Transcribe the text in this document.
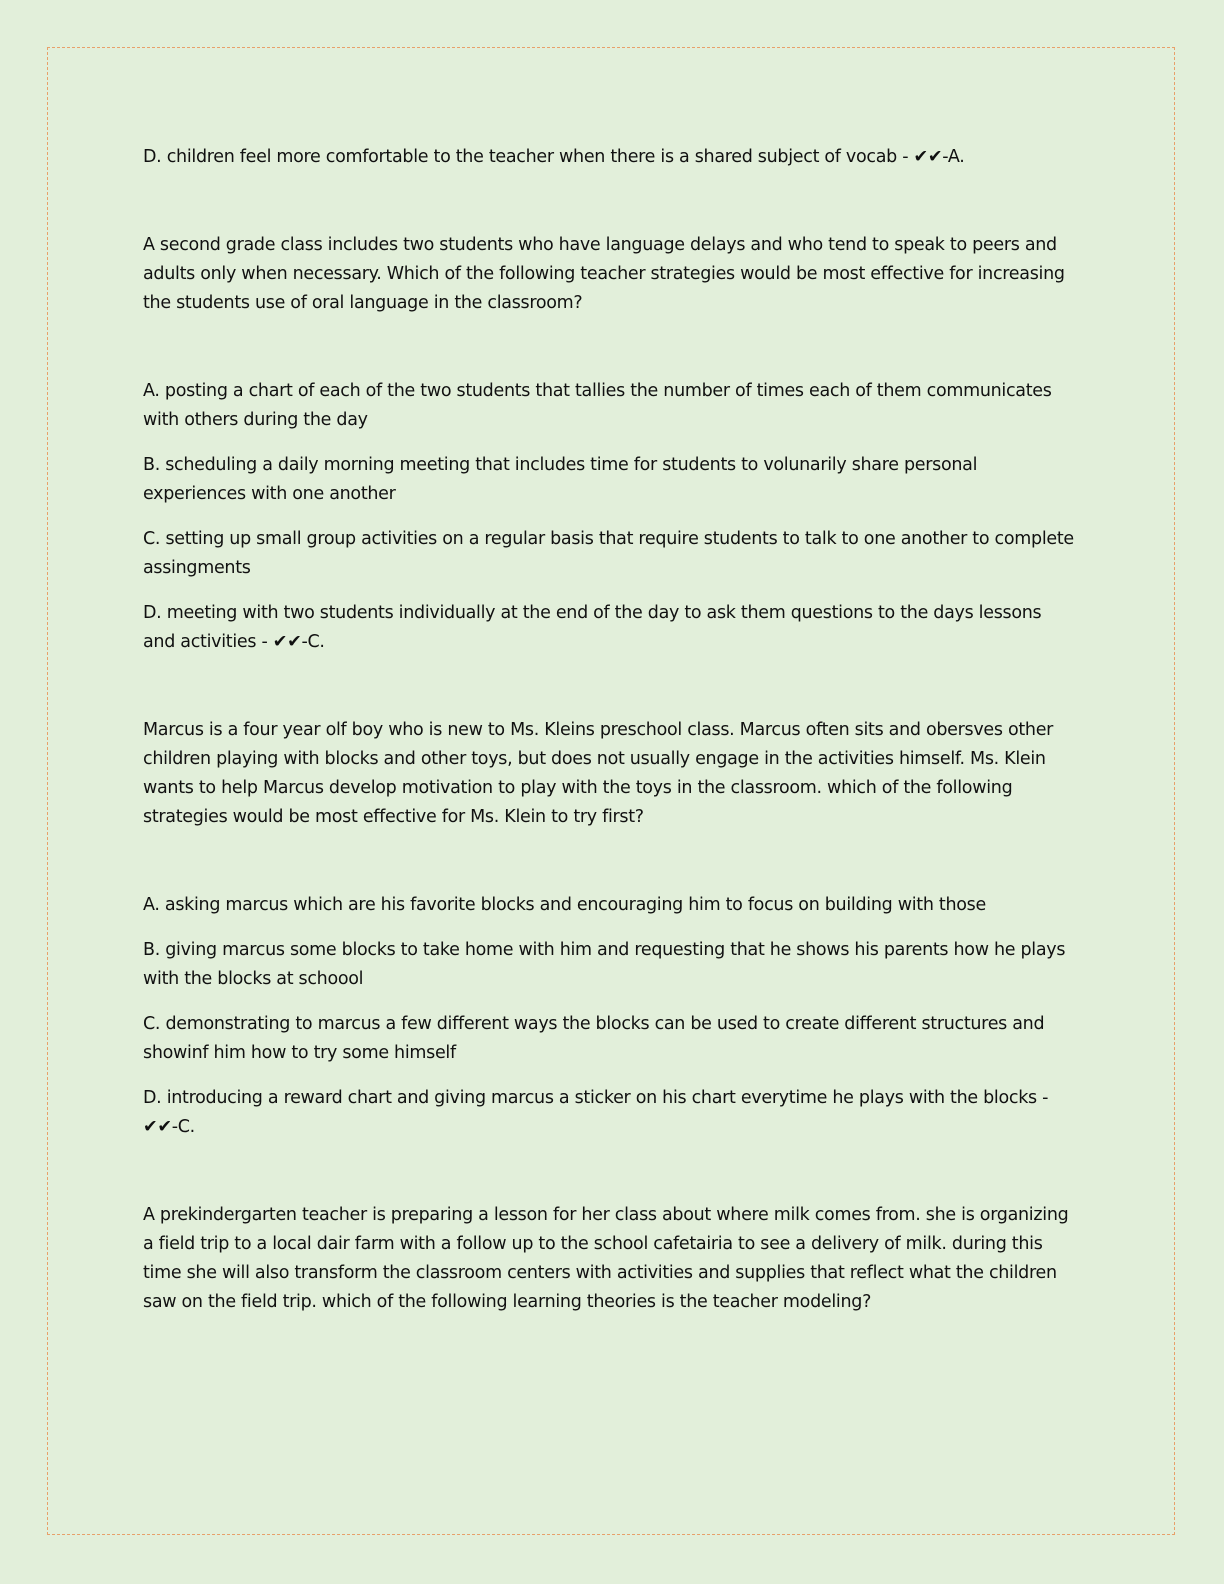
D. children feel more comfortable to the teacher when there is a shared subject of vocab - ✔✔-A.

A second grade class includes two students who have language delays and who tend to speak to peers and adults only when necessary. Which of the following teacher strategies would be most effective for increasing the students use of oral language in the classroom?

A. posting a chart of each of the two students that tallies the number of times each of them communicates with others during the day

B. scheduling a daily morning meeting that includes time for students to volunarily share personal experiences with one another

C. setting up small group activities on a regular basis that require students to talk to one another to complete assingments

D. meeting with two students individually at the end of the day to ask them questions to the days lessons and activities - ✔✔-C.

Marcus is a four year olf boy who is new to Ms. Kleins preschool class. Marcus often sits and obersves other children playing with blocks and other toys, but does not usually engage in the activities himself. Ms. Klein wants to help Marcus develop motivation to play with the toys in the classroom. which of the following strategies would be most effective for Ms. Klein to try first?

A. asking marcus which are his favorite blocks and encouraging him to focus on building with those

B. giving marcus some blocks to take home with him and requesting that he shows his parents how he plays with the blocks at schoool

C. demonstrating to marcus a few different ways the blocks can be used to create different structures and showinf him how to try some himself

D. introducing a reward chart and giving marcus a sticker on his chart everytime he plays with the blocks - ✔✔-C.

A prekindergarten teacher is preparing a lesson for her class about where milk comes from. she is organizing a field trip to a local dair farm with a follow up to the school cafetairia to see a delivery of milk. during this time she will also transform the classroom centers with activities and supplies that reflect what the children saw on the field trip. which of the following learning theories is the teacher modeling?
